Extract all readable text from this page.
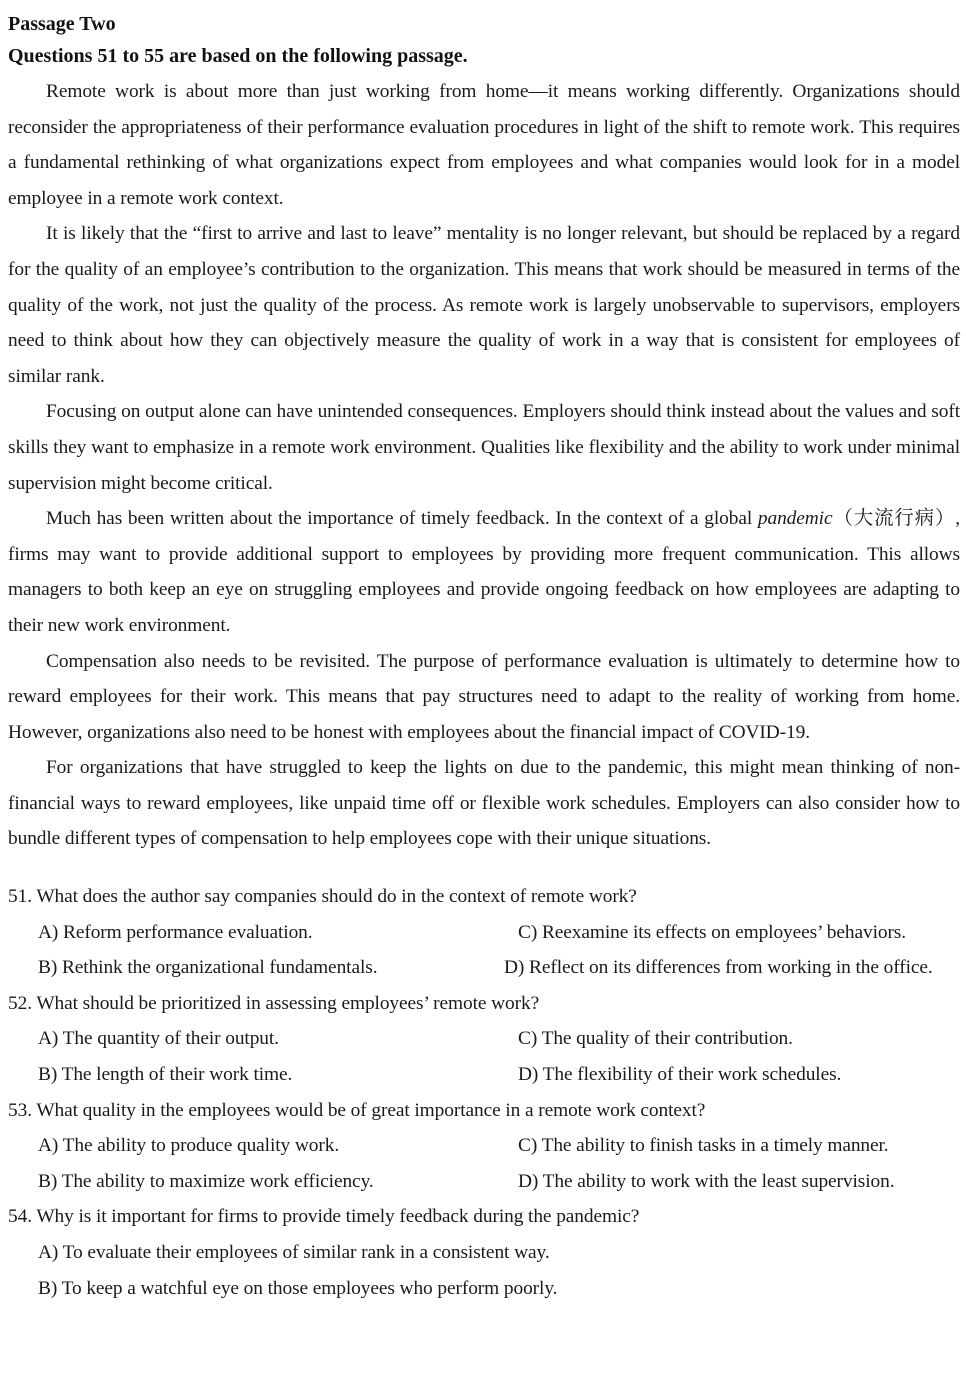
Passage Two

Questions 51 to 55 are based on the following passage.

Remote work is about more than just working from home—it means working differently. Organizations should reconsider the appropriateness of their performance evaluation procedures in light of the shift to remote work. This requires a fundamental rethinking of what organizations expect from employees and what companies would look for in a model employee in a remote work context.

It is likely that the “first to arrive and last to leave” mentality is no longer relevant, but should be replaced by a regard for the quality of an employee’s contribution to the organization. This means that work should be measured in terms of the quality of the work, not just the quality of the process. As remote work is largely unobservable to supervisors, employers need to think about how they can objectively measure the quality of work in a way that is consistent for employees of similar rank.

Focusing on output alone can have unintended consequences. Employers should think instead about the values and soft skills they want to emphasize in a remote work environment. Qualities like flexibility and the ability to work under minimal supervision might become critical.

Much has been written about the importance of timely feedback. In the context of a global pandemic（大流行病）, firms may want to provide additional support to employees by providing more frequent communication. This allows managers to both keep an eye on struggling employees and provide ongoing feedback on how employees are adapting to their new work environment.

Compensation also needs to be revisited. The purpose of performance evaluation is ultimately to determine how to reward employees for their work. This means that pay structures need to adapt to the reality of working from home. However, organizations also need to be honest with employees about the financial impact of COVID-19.

For organizations that have struggled to keep the lights on due to the pandemic, this might mean thinking of non-financial ways to reward employees, like unpaid time off or flexible work schedules. Employers can also consider how to bundle different types of compensation to help employees cope with their unique situations.

51. What does the author say companies should do in the context of remote work?

A) Reform performance evaluation.	C) Reexamine its effects on employees’ behaviors.
B) Rethink the organizational fundamentals.	D) Reflect on its differences from working in the office.

52. What should be prioritized in assessing employees’ remote work?

A) The quantity of their output.	C) The quality of their contribution.
B) The length of their work time.	D) The flexibility of their work schedules.

53. What quality in the employees would be of great importance in a remote work context?

A) The ability to produce quality work.	C) The ability to finish tasks in a timely manner.
B) The ability to maximize work efficiency.	D) The ability to work with the least supervision.

54. Why is it important for firms to provide timely feedback during the pandemic?

A) To evaluate their employees of similar rank in a consistent way.
B) To keep a watchful eye on those employees who perform poorly.
